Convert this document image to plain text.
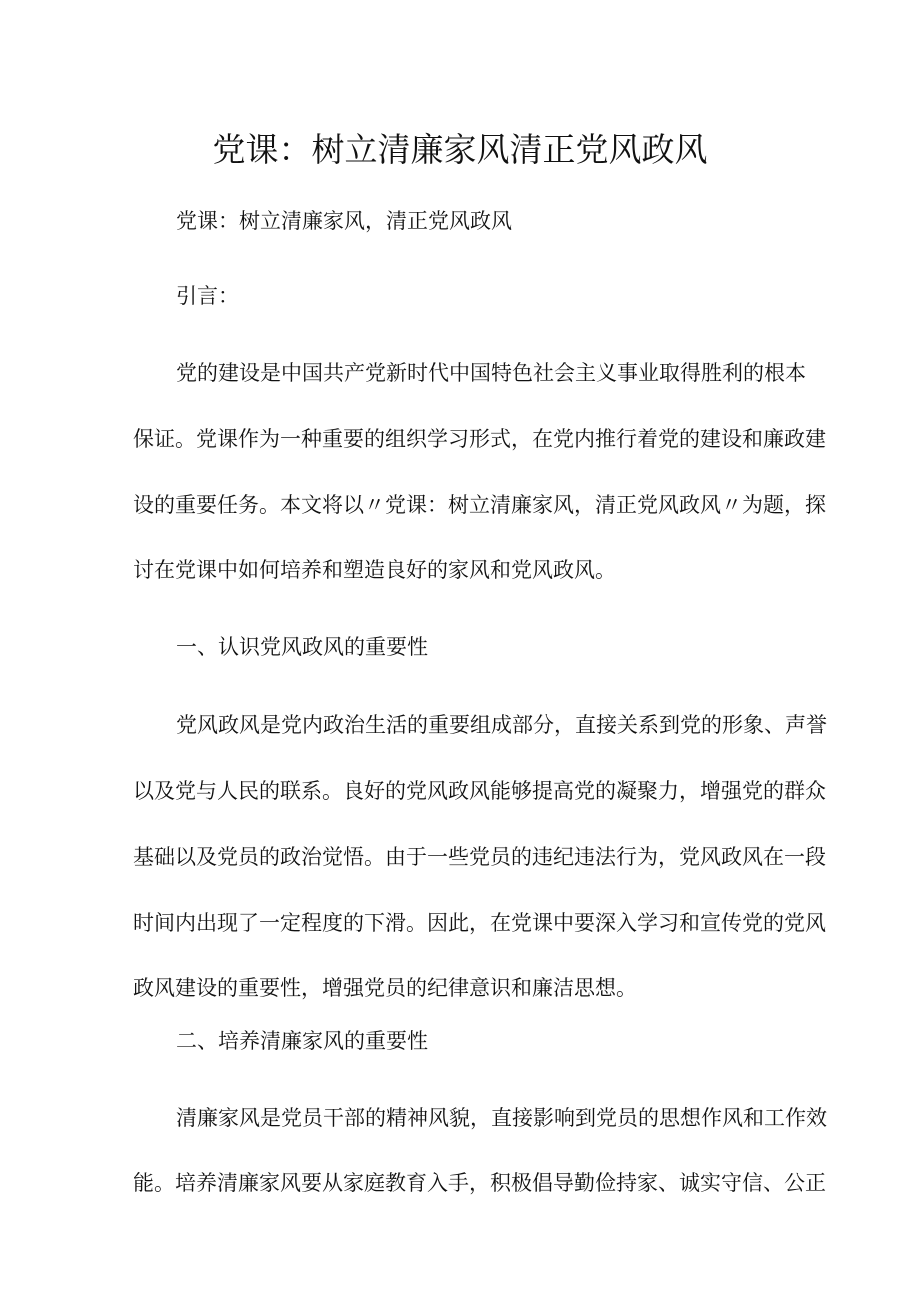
党课：树立清廉家风清正党风政风

党课：树立清廉家风，清正党风政风

引言：

党的建设是中国共产党新时代中国特色社会主义事业取得胜利的根本

保证。党课作为一种重要的组织学习形式，在党内推行着党的建设和廉政建

设的重要任务。本文将以〃党课：树立清廉家风，清正党风政风〃为题，探

讨在党课中如何培养和塑造良好的家风和党风政风。

一、认识党风政风的重要性

党风政风是党内政治生活的重要组成部分，直接关系到党的形象、声誉

以及党与人民的联系。良好的党风政风能够提高党的凝聚力，增强党的群众

基础以及党员的政治觉悟。由于一些党员的违纪违法行为，党风政风在一段

时间内出现了一定程度的下滑。因此，在党课中要深入学习和宣传党的党风

政风建设的重要性，增强党员的纪律意识和廉洁思想。

二、培养清廉家风的重要性

清廉家风是党员干部的精神风貌，直接影响到党员的思想作风和工作效

能。培养清廉家风要从家庭教育入手，积极倡导勤俭持家、诚实守信、公正
